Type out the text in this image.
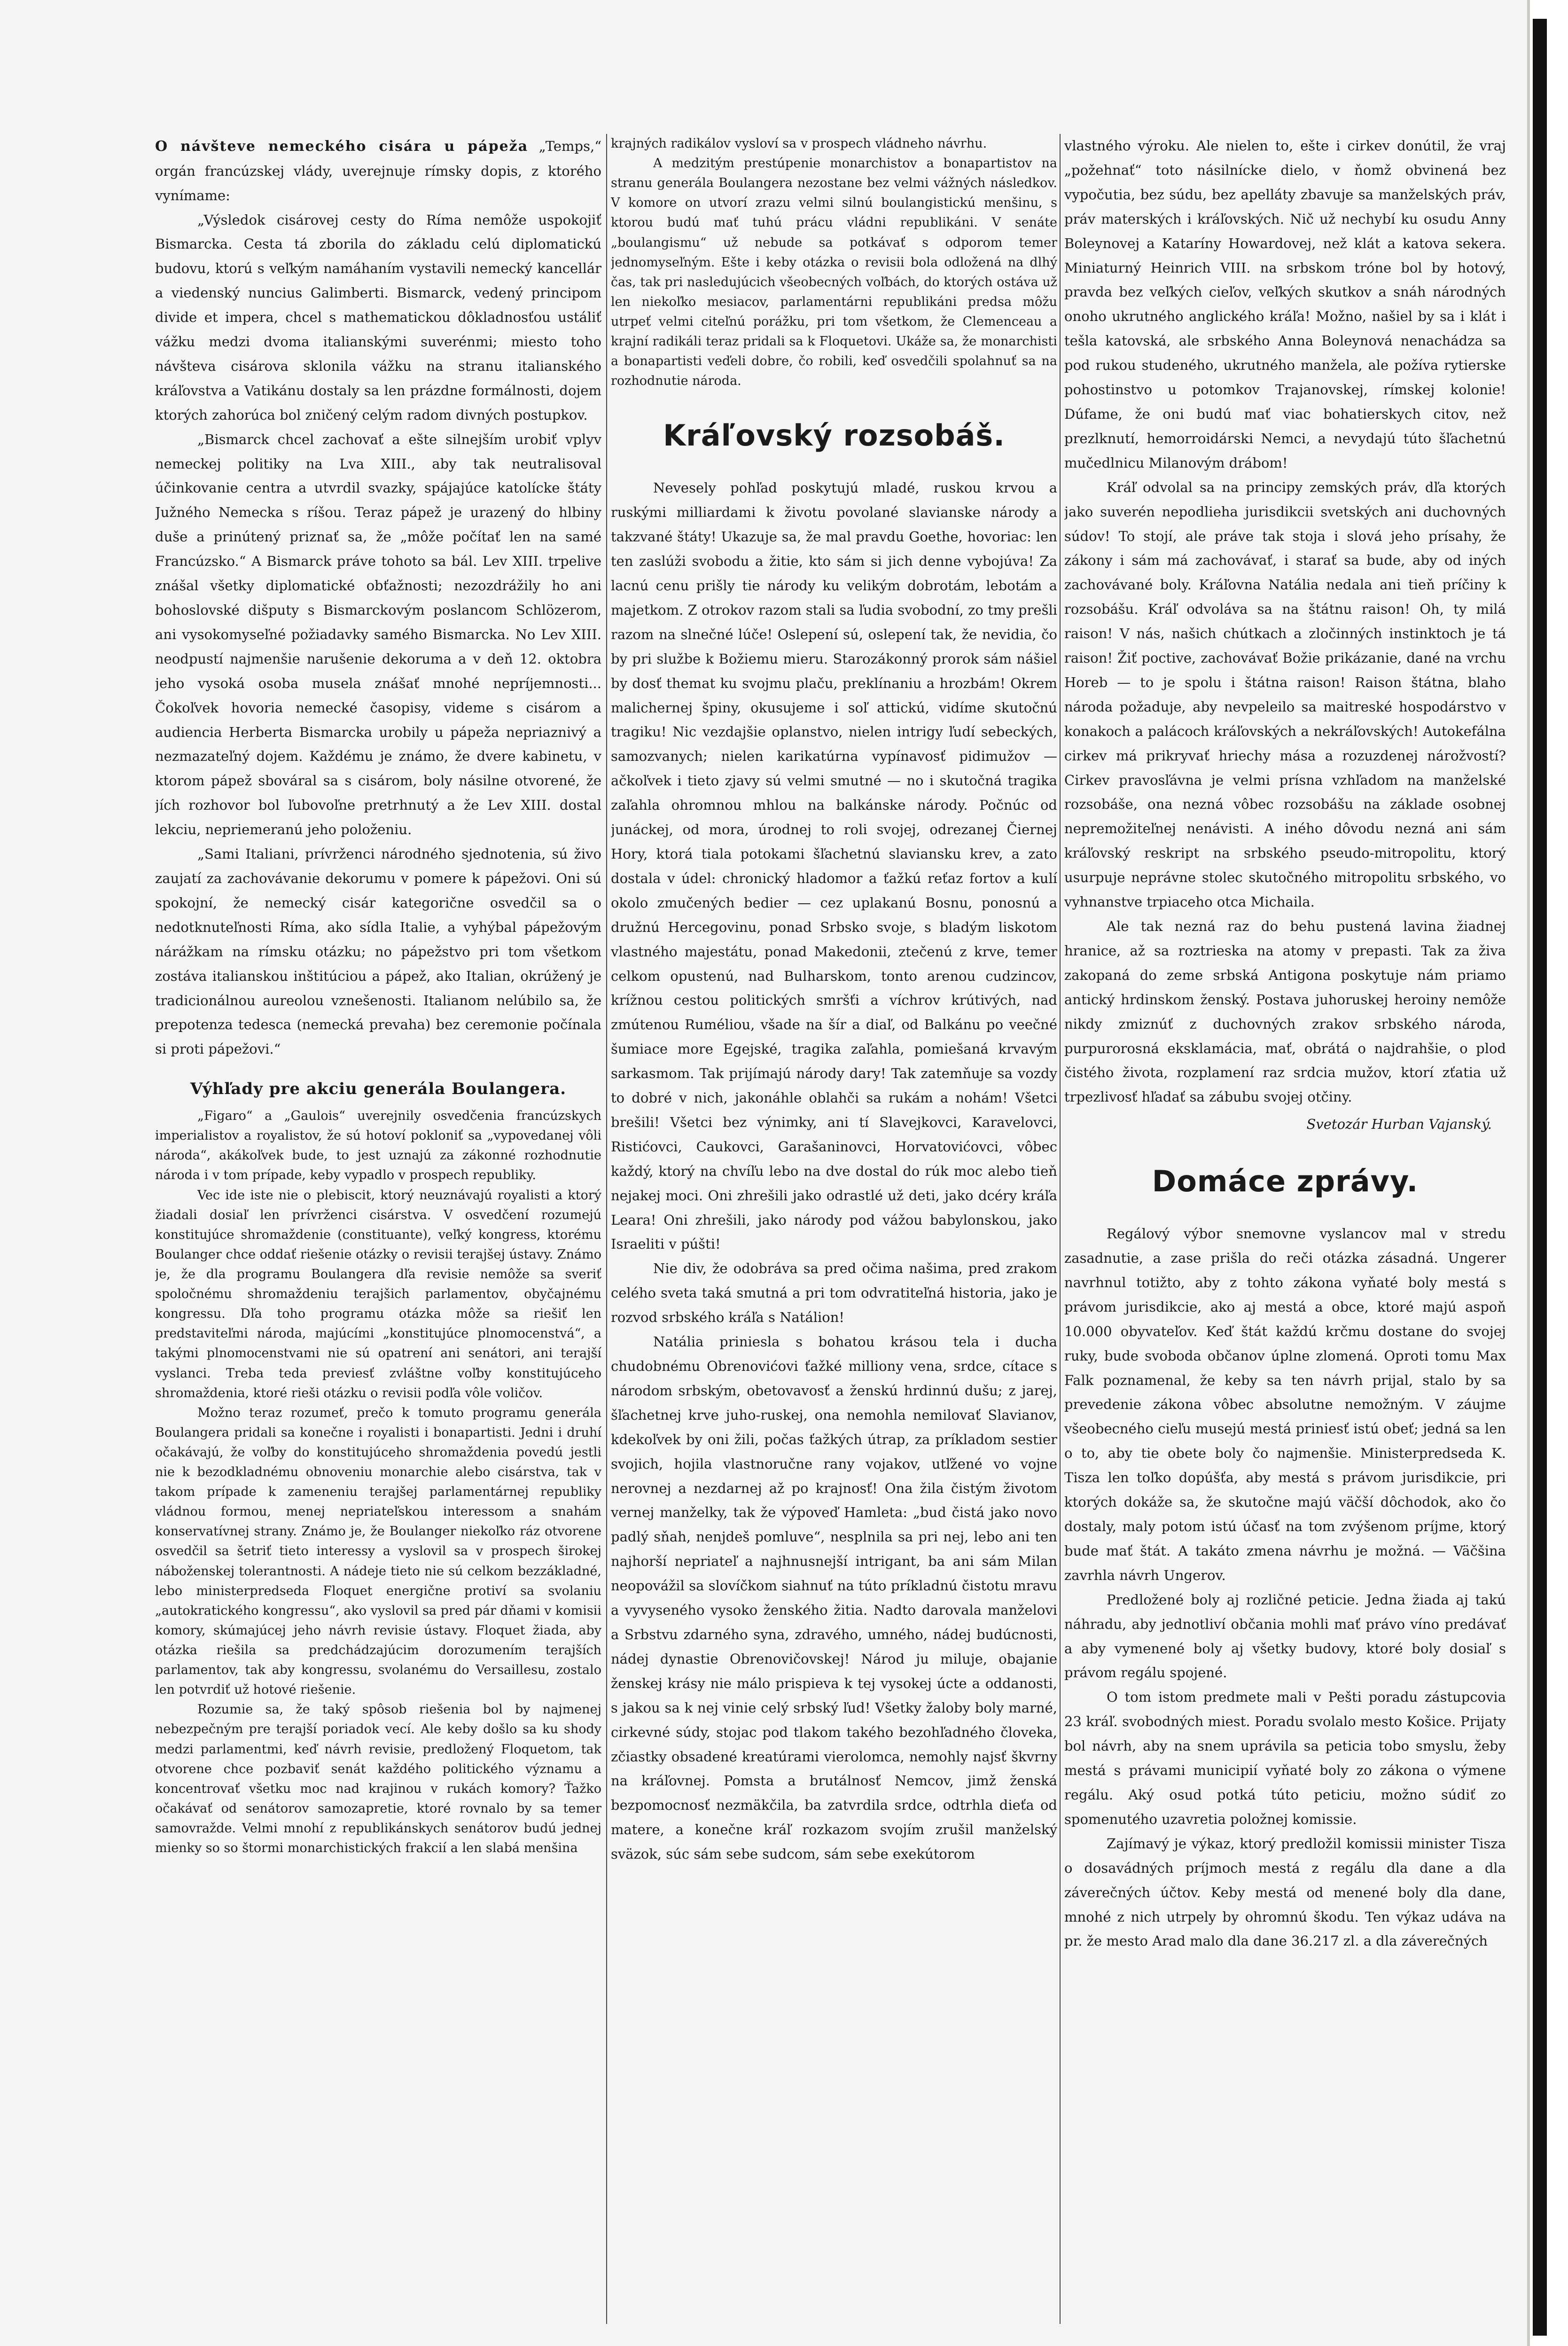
O návšteve nemeckého cisára u pápeža „Temps,“ orgán francúzskej vlády, uverejnuje rímsky dopis, z ktorého vynímame:

„Výsledok cisárovej cesty do Ríma nemôže uspokojiť Bismarcka. Cesta tá zborila do základu celú diplomatickú budovu, ktorú s veľkým namáhaním vystavili nemecký kancellár a viedenský nuncius Galimberti. Bismarck, vedený principom divide et impera, chcel s mathematickou dôkladnosťou ustáliť vážku medzi dvoma italianskými suverénmi; miesto toho návšteva cisárova sklonila vážku na stranu italianského kráľovstva a Vatikánu dostaly sa len prázdne formálnosti, dojem ktorých zahorúca bol zničený celým radom divných postupkov.

„Bismarck chcel zachovať a ešte silnejším urobiť vplyv nemeckej politiky na Lva XIII., aby tak neutralisoval účinkovanie centra a utvrdil svazky, spájajúce katolícke štáty Južného Nemecka s ríšou. Teraz pápež je urazený do hlbiny duše a prinútený priznať sa, že „môže počítať len na samé Francúzsko.“ A Bismarck práve tohoto sa bál. Lev XIII. trpelive znášal všetky diplomatické obťažnosti; nezozdrážily ho ani bohoslovské dišputy s Bismarckovým poslancom Schlözerom, ani vysokomyseľné požiadavky samého Bismarcka. No Lev XIII. neodpustí najmenšie narušenie dekoruma a v deň 12. oktobra jeho vysoká osoba musela znášať mnohé nepríjemnosti... Čokoľvek hovoria nemecké časopisy, videme s cisárom a audiencia Herberta Bismarcka urobily u pápeža nepriaznivý a nezmazateľný dojem. Každému je známo, že dvere kabinetu, v ktorom pápež sbováral sa s cisárom, boly násilne otvorené, že jích rozhovor bol ľubovoľne pretrhnutý a že Lev XIII. dostal lekciu, nepriemeranú jeho položeniu.

„Sami Italiani, prívrženci národného sjednotenia, sú živo zaujatí za zachovávanie dekorumu v pomere k pápežovi. Oni sú spokojní, že nemecký cisár kategorične osvedčil sa o nedotknuteľnosti Ríma, ako sídla Italie, a vyhýbal pápežovým nárážkam na rímsku otázku; no pápežstvo pri tom všetkom zostáva italianskou inštitúciou a pápež, ako Italian, okrúžený je tradicionálnou aureolou vznešenosti. Italianom nelúbilo sa, že prepotenza tedesca (nemecká prevaha) bez ceremonie počínala si proti pápežovi.“

Výhľady pre akciu generála Boulangera.

„Figaro“ a „Gaulois“ uverejnily osvedčenia francúzskych imperialistov a royalistov, že sú hotoví pokloniť sa „vypovedanej vôli národa“, akákoľvek bude, to jest uznajú za zákonné rozhodnutie národa i v tom prípade, keby vypadlo v prospech republiky.

Vec ide iste nie o plebiscit, ktorý neuznávajú royalisti a ktorý žiadali dosiaľ len prívrženci cisárstva. V osvedčení rozumejú konstitujúce shromaždenie (constituante), veľký kongress, ktorému Boulanger chce oddať riešenie otázky o revisii terajšej ústavy. Známo je, že dla programu Boulangera dľa revisie nemôže sa sveriť spoločnému shromaždeniu terajšich parlamentov, obyčajnému kongressu. Dľa toho programu otázka môže sa riešiť len predstaviteľmi národa, majúcími „konstitujúce plnomocenstvá“, a takými plnomocenstvami nie sú opatrení ani senátori, ani terajší vyslanci. Treba teda previesť zvláštne voľby konstitujúceho shromaždenia, ktoré rieši otázku o revisii podľa vôle voličov.

Možno teraz rozumeť, prečo k tomuto programu generála Boulangera pridali sa konečne i royalisti i bonapartisti. Jedni i druhí očakávajú, že voľby do konstitujúceho shromaždenia povedú jestli nie k bezodkladnému obnoveniu monarchie alebo cisárstva, tak v takom prípade k zameneniu terajšej parlamentárnej republiky vládnou formou, menej nepriateľskou interessom a snahám konservatívnej strany. Známo je, že Boulanger niekoľko ráz otvorene osvedčil sa šetriť tieto interessy a vyslovil sa v prospech širokej náboženskej tolerantnosti. A nádeje tieto nie sú celkom bezzákladné, lebo ministerpredseda Floquet energične protiví sa svolaniu „autokratického kongressu“, ako vyslovil sa pred pár dňami v komisii komory, skúmajúcej jeho návrh revisie ústavy. Floquet žiada, aby otázka riešila sa predchádzajúcim dorozumením terajších parlamentov, tak aby kongressu, svolanému do Versaillesu, zostalo len potvrdiť už hotové riešenie.

Rozumie sa, že taký spôsob riešenia bol by najmenej nebezpečným pre terajší poriadok vecí. Ale keby došlo sa ku shody medzi parlamentmi, keď návrh revisie, predložený Floquetom, tak otvorene chce pozbaviť senát každého politického významu a koncentrovať všetku moc nad krajinou v rukách komory? Ťažko očakávať od senátorov samozapretie, ktoré rovnalo by sa temer samovražde. Velmi mnohí z republikánskych senátorov budú jednej mienky so so štormi monarchistických frakcií a len slabá menšina

krajných radikálov vysloví sa v prospech vládneho návrhu.

A medzitým prestúpenie monarchistov a bonapartistov na stranu generála Boulangera nezostane bez velmi vážných následkov. V komore on utvorí zrazu velmi silnú boulangistickú menšinu, s ktorou budú mať tuhú prácu vládni republikáni. V senáte „boulangismu“ už nebude sa potkávať s odporom temer jednomyseľným. Ešte i keby otázka o revisii bola odložená na dlhý čas, tak pri nasledujúcich všeobecných voľbách, do ktorých ostáva už len niekoľko mesiacov, parlamentárni republikáni predsa môžu utrpeť velmi citeľnú porážku, pri tom všetkom, že Clemenceau a krajní radikáli teraz pridali sa k Floquetovi. Ukáže sa, že monarchisti a bonapartisti veďeli dobre, čo robili, keď osvedčili spolahnuť sa na rozhodnutie národa.

Kráľovský rozsobáš.

Nevesely pohľad poskytujú mladé, ruskou krvou a ruskými milliardami k životu povolané slavianske národy a takzvané štáty! Ukazuje sa, že mal pravdu Goethe, hovoriac: len ten zaslúži svobodu a žitie, kto sám si jich denne vybojúva! Za lacnú cenu prišly tie národy ku velikým dobrotám, lebotám a majetkom. Z otrokov razom stali sa ľudia svobodní, zo tmy prešli razom na slnečné lúče! Oslepení sú, oslepení tak, že nevidia, čo by pri službe k Božiemu mieru. Starozákonný prorok sám nášiel by dosť themat ku svojmu plaču, preklínaniu a hrozbám! Okrem malichernej špiny, okusujeme i soľ attickú, vidíme skutočnú tragiku! Nic vezdajšie oplanstvo, nielen intrigy ľudí sebeckých, samozvanych; nielen karikatúrna vypínavosť pidimužov — ačkoľvek i tieto zjavy sú velmi smutné — no i skutočná tragika zaľahla ohromnou mhlou na balkánske národy. Počnúc od junáckej, od mora, úrodnej to roli svojej, odrezanej Čiernej Hory, ktorá tiala potokami šľachetnú slaviansku krev, a zato dostala v údel: chronický hladomor a ťažkú reťaz fortov a kulí okolo zmučených bedier — cez uplakanú Bosnu, ponosnú a družnú Hercegovinu, ponad Srbsko svoje, s bladým liskotom vlastného majestátu, ponad Makedonii, ztečenú z krve, temer celkom opustenú, nad Bulharskom, tonto arenou cudzincov, krížnou cestou politických smršťi a víchrov krútivých, nad zmútenou Ruméliou, všade na šír a diaľ, od Balkánu po veečné šumiace more Egejské, tragika zaľahla, pomiešaná krvavým sarkasmom. Tak prijímajú národy dary! Tak zatemňuje sa vozdy to dobré v nich, jakonáhle oblahči sa rukám a nohám! Všetci brešili! Všetci bez výnimky, ani tí Slavejkovci, Karavelovci, Ristićovci, Caukovci, Garašaninovci, Horvatovićovci, vôbec každý, ktorý na chvíľu lebo na dve dostal do rúk moc alebo tieň nejakej moci. Oni zhrešili jako odrastlé už deti, jako dcéry kráľa Leara! Oni zhrešili, jako národy pod vážou babylonskou, jako Israeliti v púšti!

Nie div, že odobráva sa pred očima našima, pred zrakom celého sveta taká smutná a pri tom odvratiteľná historia, jako je rozvod srbského kráľa s Natálion!

Natália priniesla s bohatou krásou tela i ducha chudobnému Obrenovićovi ťažké milliony vena, srdce, cítace s národom srbským, obetovavosť a ženskú hrdinnú dušu; z jarej, šľachetnej krve juho-ruskej, ona nemohla nemilovať Slavianov, kdekoľvek by oni žili, počas ťažkých útrap, za príkladom sestier svojich, hojila vlastnoručne rany vojakov, utľžené vo vojne nerovnej a nezdarnej až po krajnosť! Ona žila čistým životom vernej manželky, tak že výpoveď Hamleta: „bud čistá jako novo padlý sňah, nenjdeš pomluve“, nesplnila sa pri nej, lebo ani ten najhorší nepriateľ a najhnusnejší intrigant, ba ani sám Milan neopovážil sa slovíčkom siahnuť na túto príkladnú čistotu mravu a vyvyseného vysoko ženského žitia. Nadto darovala manželovi a Srbstvu zdarného syna, zdravého, umného, nádej budúcnosti, nádej dynastie Obrenovičovskej! Národ ju miluje, obajanie ženskej krásy nie málo prispieva k tej vysokej úcte a oddanosti, s jakou sa k nej vinie celý srbský ľud! Všetky žaloby boly marné, cirkevné súdy, stojac pod tlakom takého bezohľadného človeka, zčiastky obsadené kreatúrami vierolomca, nemohly najsť škvrny na kráľovnej. Pomsta a brutálnosť Nemcov, jimž ženská bezpomocnosť nezmäkčila, ba zatvrdila srdce, odtrhla dieťa od matere, a konečne kráľ rozkazom svojím zrušil manželský sväzok, súc sám sebe sudcom, sám sebe exekútorom

vlastného výroku. Ale nielen to, ešte i cirkev donútil, že vraj „požehnať“ toto násilnícke dielo, v ňomž obvinená bez vypočutia, bez súdu, bez apelláty zbavuje sa manželských práv, práv materských i kráľovských. Nič už nechybí ku osudu Anny Boleynovej a Kataríny Howardovej, než klát a katova sekera. Miniaturný Heinrich VIII. na srbskom tróne bol by hotový, pravda bez veľkých cieľov, veľkých skutkov a snáh národných onoho ukrutného anglického kráľa! Možno, našiel by sa i klát i tešla katovská, ale srbského Anna Boleynová nenachádza sa pod rukou studeného, ukrutného manžela, ale požíva rytierske pohostinstvo u potomkov Trajanovskej, rímskej kolonie! Dúfame, že oni budú mať viac bohatierskych citov, než prezlknutí, hemorroidárski Nemci, a nevydajú túto šľachetnú mučedlnicu Milanovým drábom!

Kráľ odvolal sa na principy zemských práv, dľa ktorých jako suverén nepodlieha jurisdikcii svetských ani duchovných súdov! To stojí, ale práve tak stoja i slová jeho prísahy, že zákony i sám má zachovávať, i starať sa bude, aby od iných zachovávané boly. Kráľovna Natália nedala ani tieň príčiny k rozsobášu. Kráľ odvoláva sa na štátnu raison! Oh, ty milá raison! V nás, našich chútkach a zločinných instinktoch je tá raison! Žiť poctive, zachovávať Božie prikázanie, dané na vrchu Horeb — to je spolu i štátna raison! Raison štátna, blaho národa požaduje, aby nevpeleilo sa maitreské hospodárstvo v konakoch a palácoch kráľovských a nekráľovských! Autokefálna cirkev má prikryvať hriechy mása a rozuzdenej nárožvostí? Cirkev pravosľávna je velmi prísna vzhľadom na manželské rozsobáše, ona nezná vôbec rozsobášu na základe osobnej nepremožiteľnej nenávisti. A iného dôvodu nezná ani sám kráľovský reskript na srbského pseudo-mitropolitu, ktorý usurpuje neprávne stolec skutočného mitropolitu srbského, vo vyhnanstve trpiaceho otca Michaila.

Ale tak nezná raz do behu pustená lavina žiadnej hranice, až sa roztrieska na atomy v prepasti. Tak za živa zakopaná do zeme srbská Antigona poskytuje nám priamo antický hrdinskom ženský. Postava juhoruskej heroiny nemôže nikdy zmiznúť z duchovných zrakov srbského národa, purpurorosná eksklamácia, mať, obrátá o najdrahšie, o plod čistého života, rozplamení raz srdcia mužov, ktorí zťatia už trpezlivosť hľadať sa zábubu svojej otčiny.

Svetozár Hurban Vajanský.
Domáce zprávy.

Regálový výbor snemovne vyslancov mal v stredu zasadnutie, a zase prišla do reči otázka zásadná. Ungerer navrhnul totižto, aby z tohto zákona vyňaté boly mestá s právom jurisdikcie, ako aj mestá a obce, ktoré majú aspoň 10.000 obyvateľov. Keď štát každú krčmu dostane do svojej ruky, bude svoboda občanov úplne zlomená. Oproti tomu Max Falk poznamenal, že keby sa ten návrh prijal, stalo by sa prevedenie zákona vôbec absolutne nemožným. V záujme všeobecného cieľu musejú mestá priniesť istú obeť; jedná sa len o to, aby tie obete boly čo najmenšie. Ministerpredseda K. Tisza len toľko dopúšťa, aby mestá s právom jurisdikcie, pri ktorých dokáže sa, že skutočne majú väčší dôchodok, ako čo dostaly, maly potom istú účasť na tom zvýšenom príjme, ktorý bude mať štát. A takáto zmena návrhu je možná. — Väčšina zavrhla návrh Ungerov.

Predložené boly aj rozličné peticie. Jedna žiada aj takú náhradu, aby jednotliví občania mohli mať právo víno predávať a aby vymenené boly aj všetky budovy, ktoré boly dosiaľ s právom regálu spojené.

O tom istom predmete mali v Pešti poradu zástupcovia 23 kráľ. svobodných miest. Poradu svolalo mesto Košice. Prijaty bol návrh, aby na snem uprávila sa peticia tobo smyslu, žeby mestá s právami municipií vyňaté boly zo zákona o výmene regálu. Aký osud potká túto peticiu, možno súdiť zo spomenutého uzavretia položnej komissie.

Zajímavý je výkaz, ktorý predložil komissii minister Tisza o dosavádných príjmoch mestá z regálu dla dane a dla záverečných účtov. Keby mestá od menené boly dla dane, mnohé z nich utrpely by ohromnú škodu. Ten výkaz udáva na pr. že mesto Arad malo dla dane 36.217 zl. a dla záverečných
